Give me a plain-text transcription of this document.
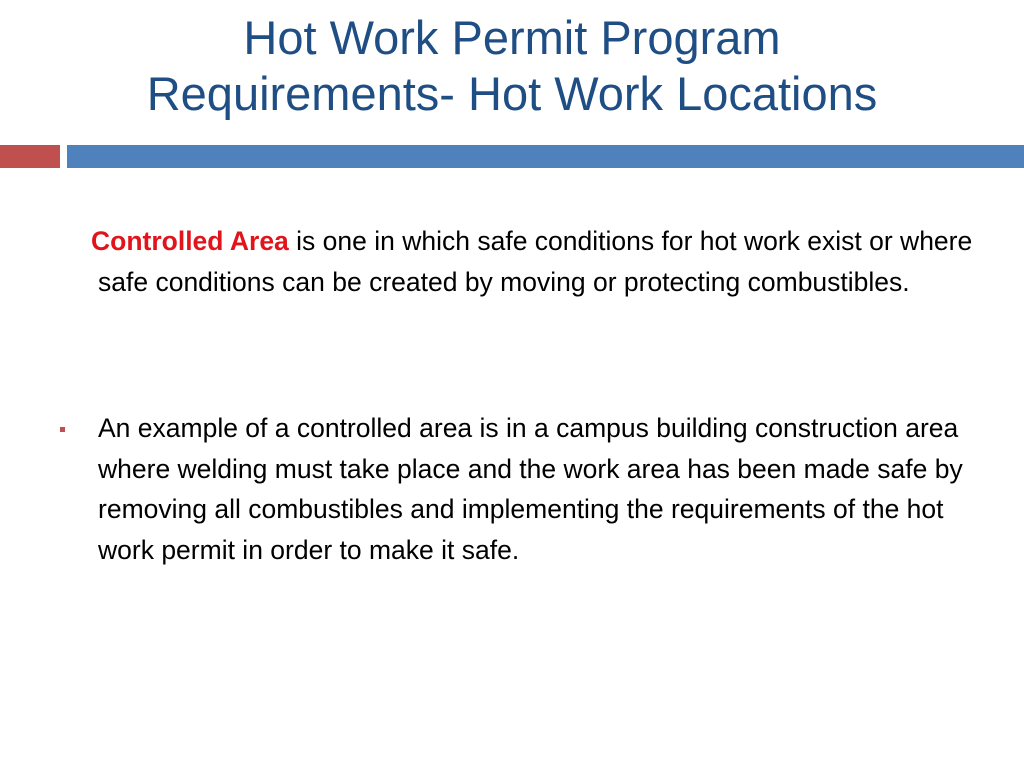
Hot Work Permit Program
Requirements- Hot Work Locations

Controlled Area is one in which safe conditions for hot work exist or where safe conditions can be created by moving or protecting combustibles.

An example of a controlled area is in a campus building construction area where welding must take place and the work area has been made safe by removing all combustibles and implementing the requirements of the hot work permit in order to make it safe.
